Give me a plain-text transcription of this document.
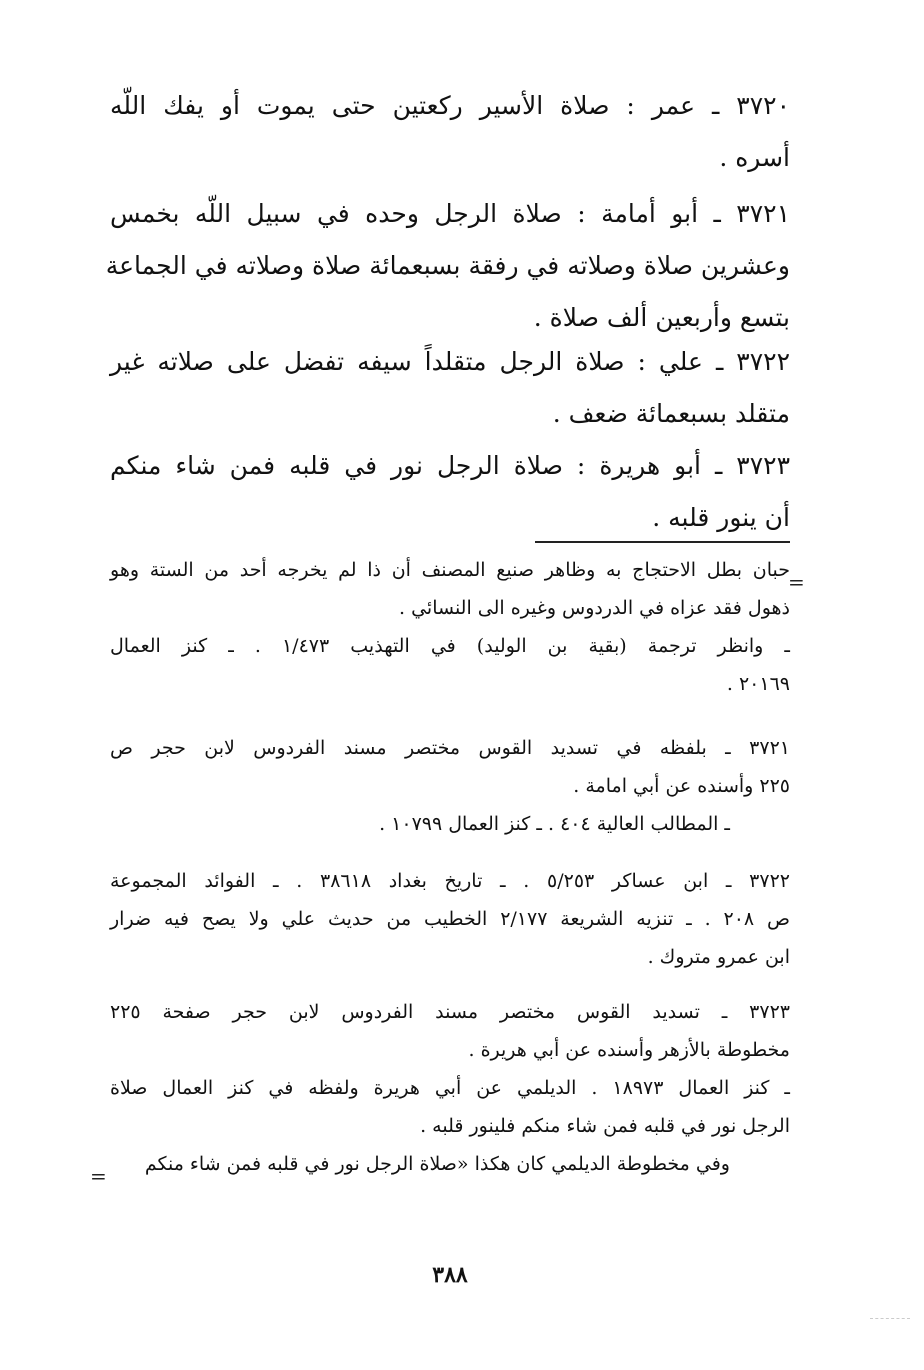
٣٧٢٠ ـ عمر : صلاة الأسير ركعتين حتى يموت أو يفك اللّه
أسره .
٣٧٢١ ـ أبو أمامة : صلاة الرجل وحده في سبيل اللّه بخمس
وعشرين صلاة وصلاته في رفقة بسبعمائة صلاة وصلاته في الجماعة
بتسع وأربعين ألف صلاة .
٣٧٢٢ ـ علي : صلاة الرجل متقلداً سيفه تفضل على صلاته غير
متقلد بسبعمائة ضعف .
٣٧٢٣ ـ أبو هريرة : صلاة الرجل نور في قلبه فمن شاء منكم
أن ينور قلبه .
=
حبان بطل الاحتجاج به وظاهر صنيع المصنف أن ذا لم يخرجه أحد من الستة وهو
ذهول فقد عزاه في الدردوس وغيره الى النسائي .
ـ وانظر ترجمة (بقية بن الوليد) في التهذيب ١/٤٧٣ . ـ كنز العمال
٢٠١٦٩ .
٣٧٢١ ـ بلفظه في تسديد القوس مختصر مسند الفردوس لابن حجر ص
٢٢٥ وأسنده عن أبي امامة .
ـ المطالب العالية ٤٠٤ . ـ كنز العمال ١٠٧٩٩ .
٣٧٢٢ ـ ابن عساكر ٥/٢٥٣ . ـ تاريخ بغداد ٣٨٦١٨ . ـ الفوائد المجموعة
ص ٢٠٨ . ـ تنزيه الشريعة ٢/١٧٧ الخطيب من حديث علي ولا يصح فيه ضرار
ابن عمرو متروك .
٣٧٢٣ ـ تسديد القوس مختصر مسند الفردوس لابن حجر صفحة ٢٢٥
مخطوطة بالأزهر وأسنده عن أبي هريرة .
ـ كنز العمال ١٨٩٧٣ . الديلمي عن أبي هريرة ولفظه في كنز العمال صلاة
الرجل نور في قلبه فمن شاء منكم فلينور قلبه .
وفي مخطوطة الديلمي كان هكذا «صلاة الرجل نور في قلبه فمن شاء منكم
=
٣٨٨
